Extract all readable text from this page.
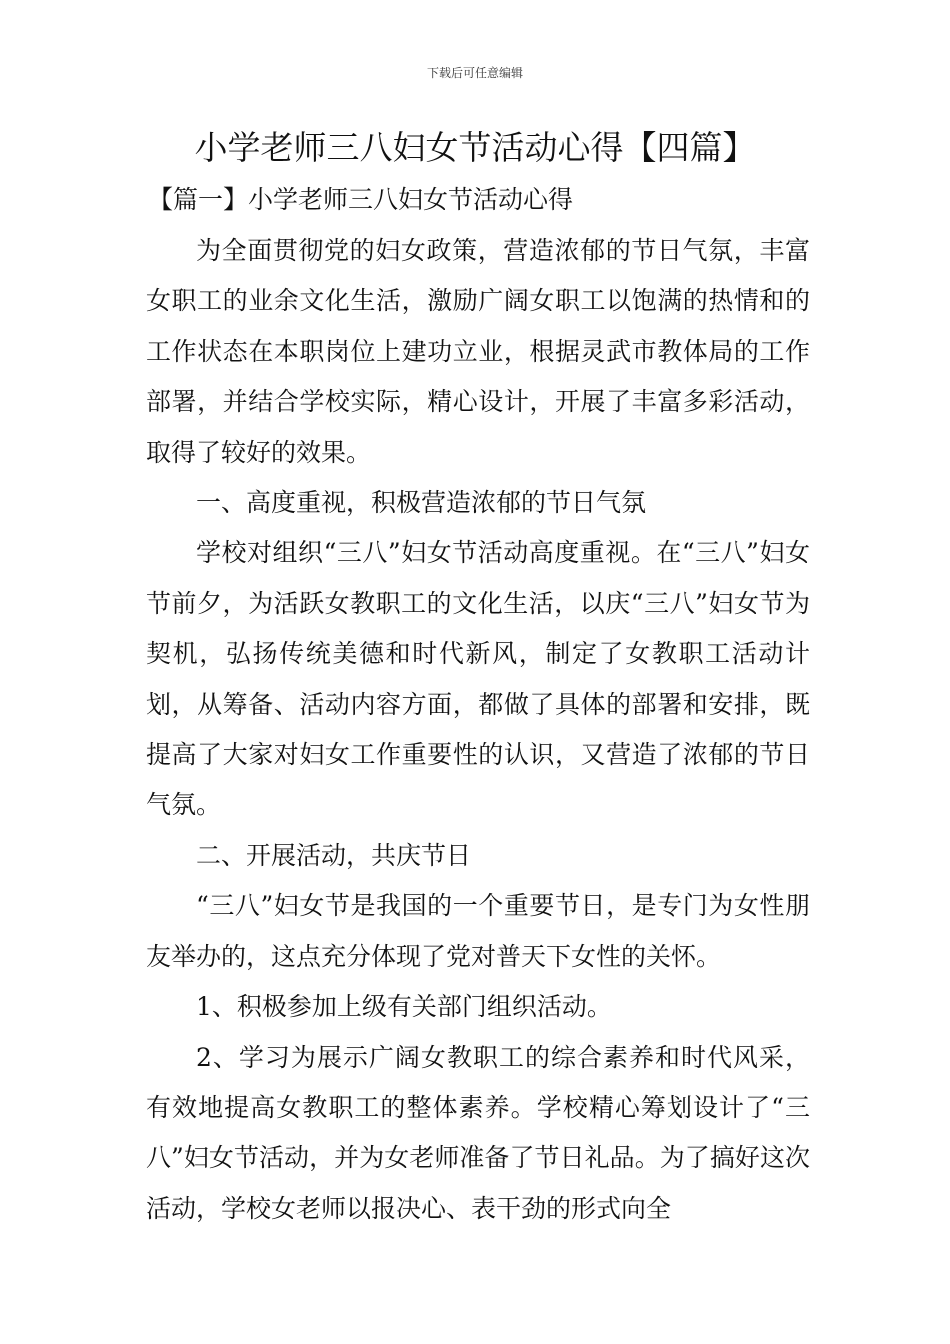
下载后可任意编辑
小学老师三八妇女节活动心得【四篇】
【篇一】小学老师三八妇女节活动心得

为全面贯彻党的妇女政策，营造浓郁的节日气氛，丰富女职工的业余文化生活，激励广阔女职工以饱满的热情和的工作状态在本职岗位上建功立业，根据灵武市教体局的工作部署，并结合学校实际，精心设计，开展了丰富多彩活动，取得了较好的效果。

一、高度重视，积极营造浓郁的节日气氛

学校对组织“三八”妇女节活动高度重视。在“三八”妇女节前夕，为活跃女教职工的文化生活，以庆“三八”妇女节为契机，弘扬传统美德和时代新风，制定了女教职工活动计划，从筹备、活动内容方面，都做了具体的部署和安排，既提高了大家对妇女工作重要性的认识，又营造了浓郁的节日气氛。

二、开展活动，共庆节日

“三八”妇女节是我国的一个重要节日，是专门为女性朋友举办的，这点充分体现了党对普天下女性的关怀。

1、积极参加上级有关部门组织活动。

2、学习为展示广阔女教职工的综合素养和时代风采，有效地提高女教职工的整体素养。学校精心筹划设计了“三八”妇女节活动，并为女老师准备了节日礼品。为了搞好这次活动，学校女老师以报决心、表干劲的形式向全
